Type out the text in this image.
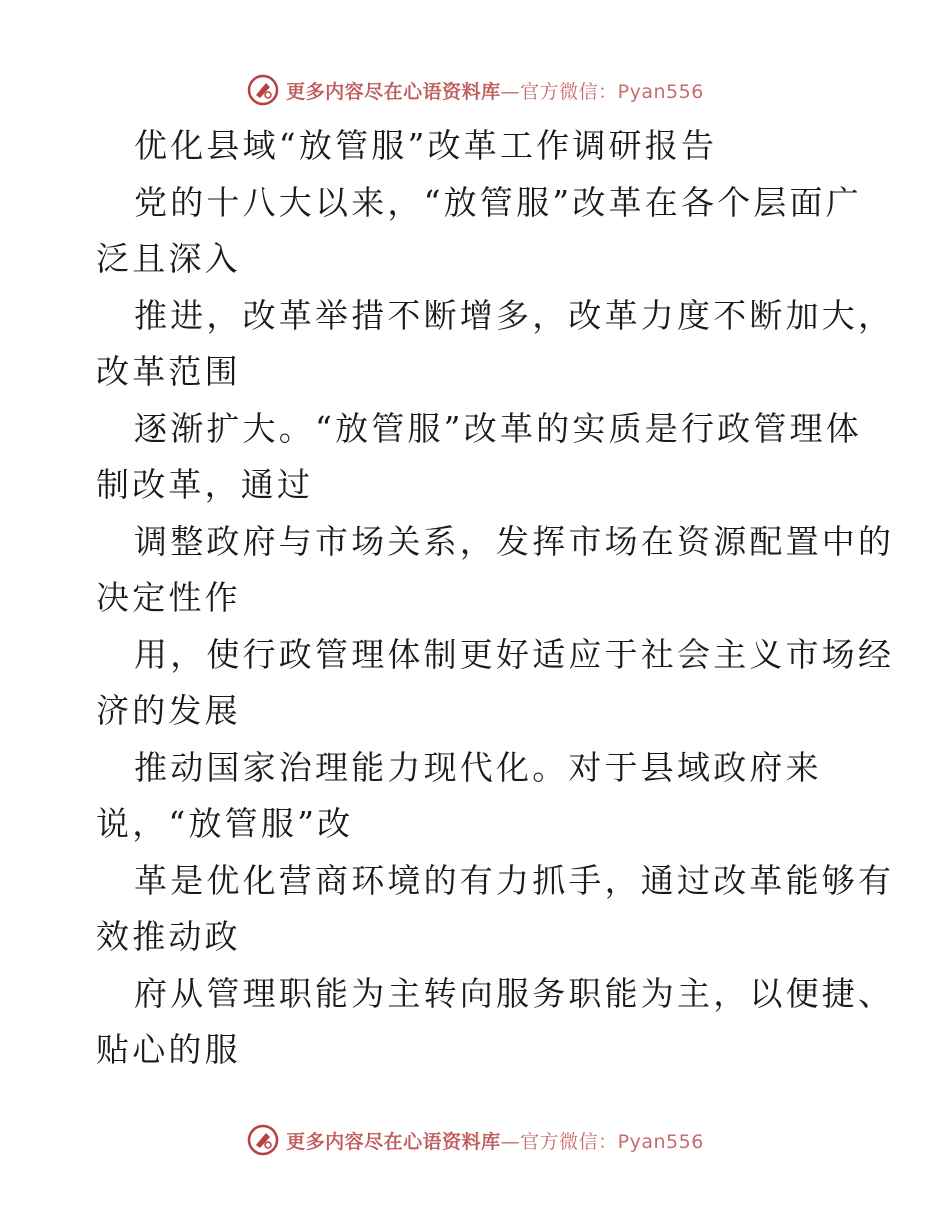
更多内容尽在心语资料库—官方微信：Pyan556
优化县域“放管服”改革工作调研报告
党的十八大以来，“放管服”改革在各个层面广
泛且深入
推进，改革举措不断增多，改革力度不断加大，
改革范围
逐渐扩大。“放管服”改革的实质是行政管理体
制改革，通过
调整政府与市场关系，发挥市场在资源配置中的
决定性作
用，使行政管理体制更好适应于社会主义市场经
济的发展
推动国家治理能力现代化。对于县域政府来
说，“放管服”改
革是优化营商环境的有力抓手，通过改革能够有
效推动政
府从管理职能为主转向服务职能为主，以便捷、
贴心的服
更多内容尽在心语资料库—官方微信：Pyan556
